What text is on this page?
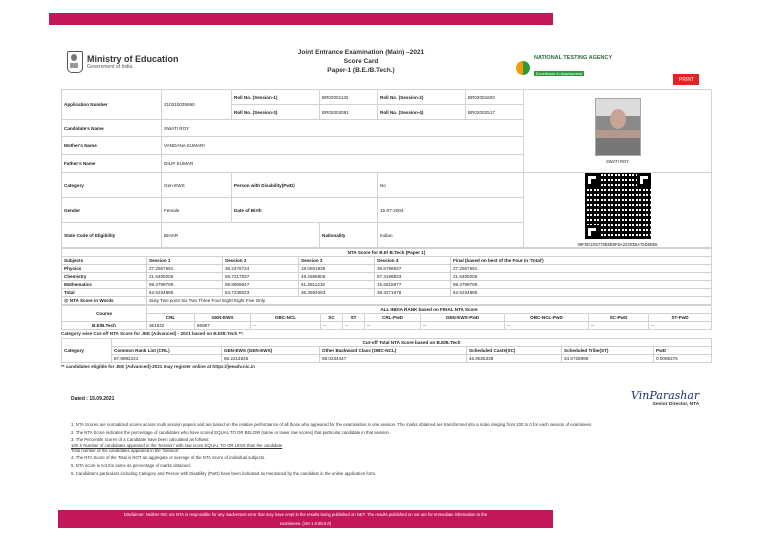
Ministry of Education
Government of India
Joint Entrance Examination (Main) –2021
Score Card
Paper-1 (B.E./B.Tech.)
NATIONAL TESTING AGENCY
Excellence in Assessment
PRINT
Application Number	210310035590	Roll No. (Session-1)	BR02001132	Roll No. (Session-2)	BR02001603	SWATI ROY

		Roll No. (Session-3)	BR02003091	Roll No. (Session-4)	BR02002517	
Candidate's Name	SWATI ROY					
Mother's Name	VANDANA KUMARI					
Father's Name	DILIP KUMAR					
Category	Gen-EWS	Person with Disability(PwD)		No		09F8D1D5776B5B9F6A22303BA75D5B55

Gender	Female	Date of Birth		15-07-2004		
State Code of Eligibility	BIHAR		Nationality	Indian		
NTA Score for B.E/ B.Tech (Paper 1)					
Subjects	Session 1	Session 2	Session 3	Session 4	Final (based on best of the Four in 'Total')
Physics	27.2567591	35.2476724	18.0501836	36.6796937	27.2567591
Chemistry	21.6408205	56.7217537	49.2585806	67.3199833	21.6408205
Mathematics	98.4799799	69.8909847	61.2811416	15.6515977	98.4799799
Total	62.6234885	54.7248023	36.3592083	38.3271978	62.6234885
@ NTA Score in Words	Sixty Two point Six Two Three Four Eight Eight Five Only				
Course	ALL INDIA RANK based on FINAL NTA Score									
	CRL	GEN-EWS	OBC-NCL	SC	ST	CRL-PwD	GEN-EWS-PwD	OBC-NCL-PwD	SC-PwD	ST-PwD
B.E/B.Tech	361842	65987	--	--	--	--	--	--	--	--
Category wise Cut-off NTA Score for JEE (Advanced) - 2021 based on B.E/B.Tech **:
Category	Cut-off Total NTA Score based on B.E/B.Tech					
	Common Rank List (CRL)	GEN-EWS (GEN-EWS)	Other Backward Class (OBC-NCL)	Scheduled Caste(SC)	Scheduled Tribe(ST)	PwD
	87.8992241	66.2214845	68.0234447	46.8825338	34.6728999	0.0096375
** candidates eligible for JEE (Advanced)-2021 may register online at https://jeeadv.nic.in
Dated : 15.09.2021	VinParashar
Senior Director, NTA
1. NTA Scores are normalized scores across multi session papers and are based on the relative performance of all those who appeared for the examination in one session. The marks obtained are transformed into a scale ranging from 100 to 0 for each session of examinees.
2. The NTA Score indicates the percentage of candidates who have scored EQUAL TO OR BELOW (same or lower raw scores) that particular candidate in that session.
3. The Percentile scores of a Candidate have been calculated as follows:
100 X Number of candidates appeared in the 'Session' with raw score EQUAL TO OR LESS than the candidate
Total number of the candidates appeared in the 'Session'
4. The NTA Score of the Total is NOT an aggregate or average of the NTA Score of individual subjects.
5. NTA score is not the same as percentage of marks obtained.
6. Candidate's particulars including Category and Person with Disability (PwD) have been indicated as mentioned by the candidate in the online application form.
Disclaimer: Neither NIC nor NTA is responsible for any inadvertent error that may have crept in the results being published on NET. The results published on net are for Immediate information to the
examinees. (Ver 1.0.80.0.0)
